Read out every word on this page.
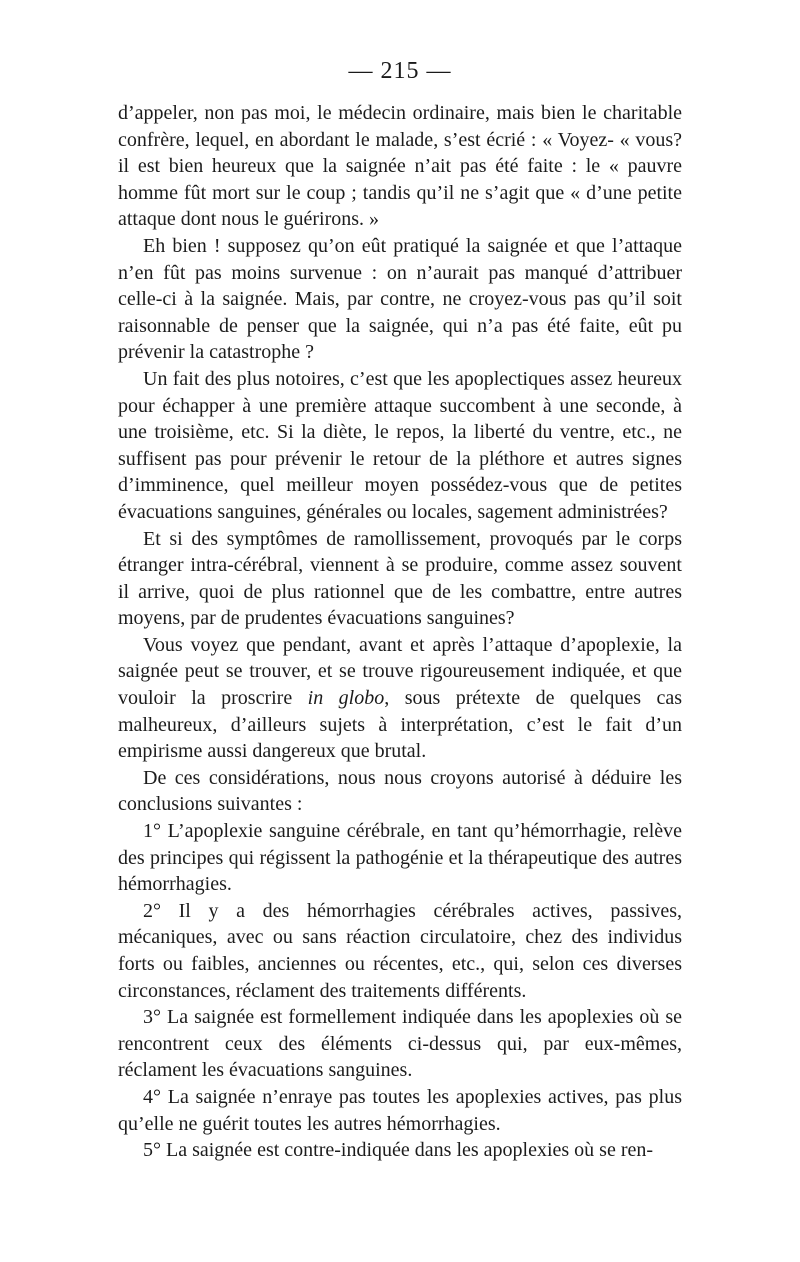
— 215 —

d’appeler, non pas moi, le médecin ordinaire, mais bien le charitable confrère, lequel, en abordant le malade, s’est écrié : « Voyez- « vous? il est bien heureux que la saignée n’ait pas été faite : le « pauvre homme fût mort sur le coup ; tandis qu’il ne s’agit que « d’une petite attaque dont nous le guérirons. »

Eh bien ! supposez qu’on eût pratiqué la saignée et que l’attaque n’en fût pas moins survenue : on n’aurait pas manqué d’attribuer celle-ci à la saignée. Mais, par contre, ne croyez-vous pas qu’il soit raisonnable de penser que la saignée, qui n’a pas été faite, eût pu prévenir la catastrophe ?

Un fait des plus notoires, c’est que les apoplectiques assez heureux pour échapper à une première attaque succombent à une seconde, à une troisième, etc. Si la diète, le repos, la liberté du ventre, etc., ne suffisent pas pour prévenir le retour de la pléthore et autres signes d’imminence, quel meilleur moyen possédez-vous que de petites évacuations sanguines, générales ou locales, sagement administrées?

Et si des symptômes de ramollissement, provoqués par le corps étranger intra-cérébral, viennent à se produire, comme assez souvent il arrive, quoi de plus rationnel que de les combattre, entre autres moyens, par de prudentes évacuations sanguines?

Vous voyez que pendant, avant et après l’attaque d’apoplexie, la saignée peut se trouver, et se trouve rigoureusement indiquée, et que vouloir la proscrire in globo, sous prétexte de quelques cas malheureux, d’ailleurs sujets à interprétation, c’est le fait d’un empirisme aussi dangereux que brutal.

De ces considérations, nous nous croyons autorisé à déduire les conclusions suivantes :

1° L’apoplexie sanguine cérébrale, en tant qu’hémorrhagie, relève des principes qui régissent la pathogénie et la thérapeutique des autres hémorrhagies.

2° Il y a des hémorrhagies cérébrales actives, passives, mécaniques, avec ou sans réaction circulatoire, chez des individus forts ou faibles, anciennes ou récentes, etc., qui, selon ces diverses circonstances, réclament des traitements différents.

3° La saignée est formellement indiquée dans les apoplexies où se rencontrent ceux des éléments ci-dessus qui, par eux-mêmes, réclament les évacuations sanguines.

4° La saignée n’enraye pas toutes les apoplexies actives, pas plus qu’elle ne guérit toutes les autres hémorrhagies.

5° La saignée est contre-indiquée dans les apoplexies où se ren-
